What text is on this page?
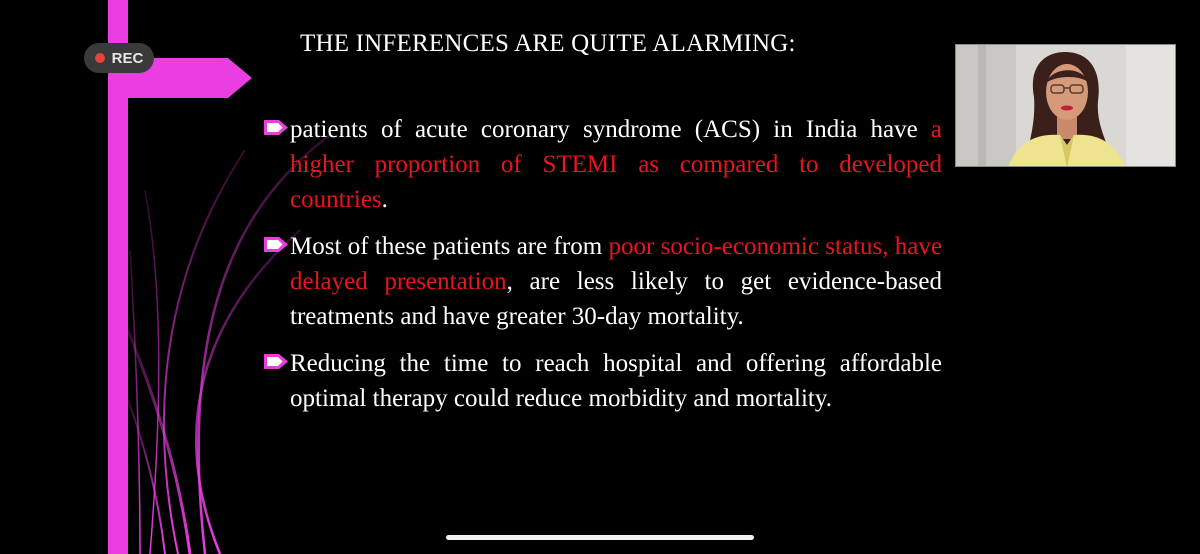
REC
THE INFERENCES ARE QUITE ALARMING:
patients of acute coronary syndrome (ACS) in India have a higher proportion of STEMI as compared to developed countries.
Most of these patients are from poor socio-economic status, have delayed presentation, are less likely to get evidence-based treatments and have greater 30-day mortality.
Reducing the time to reach hospital and offering affordable optimal therapy could reduce morbidity and mortality.
